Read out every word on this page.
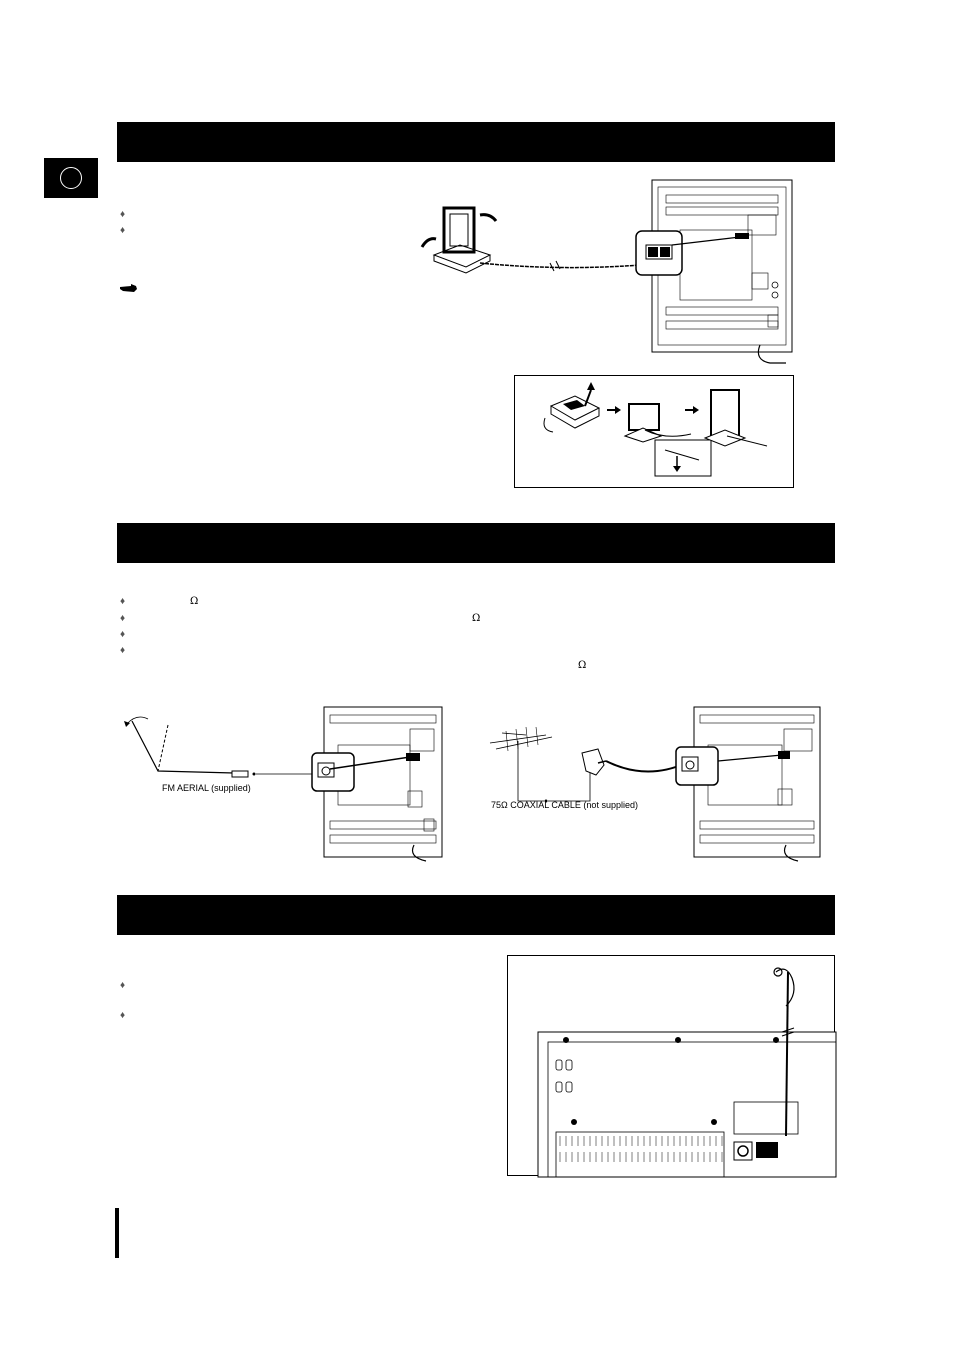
♦
♦
♦	Ω
♦	Ω
♦
♦
Ω
♦
♦
FM AERIAL (supplied)
75Ω COAXIAL CABLE (not supplied)
